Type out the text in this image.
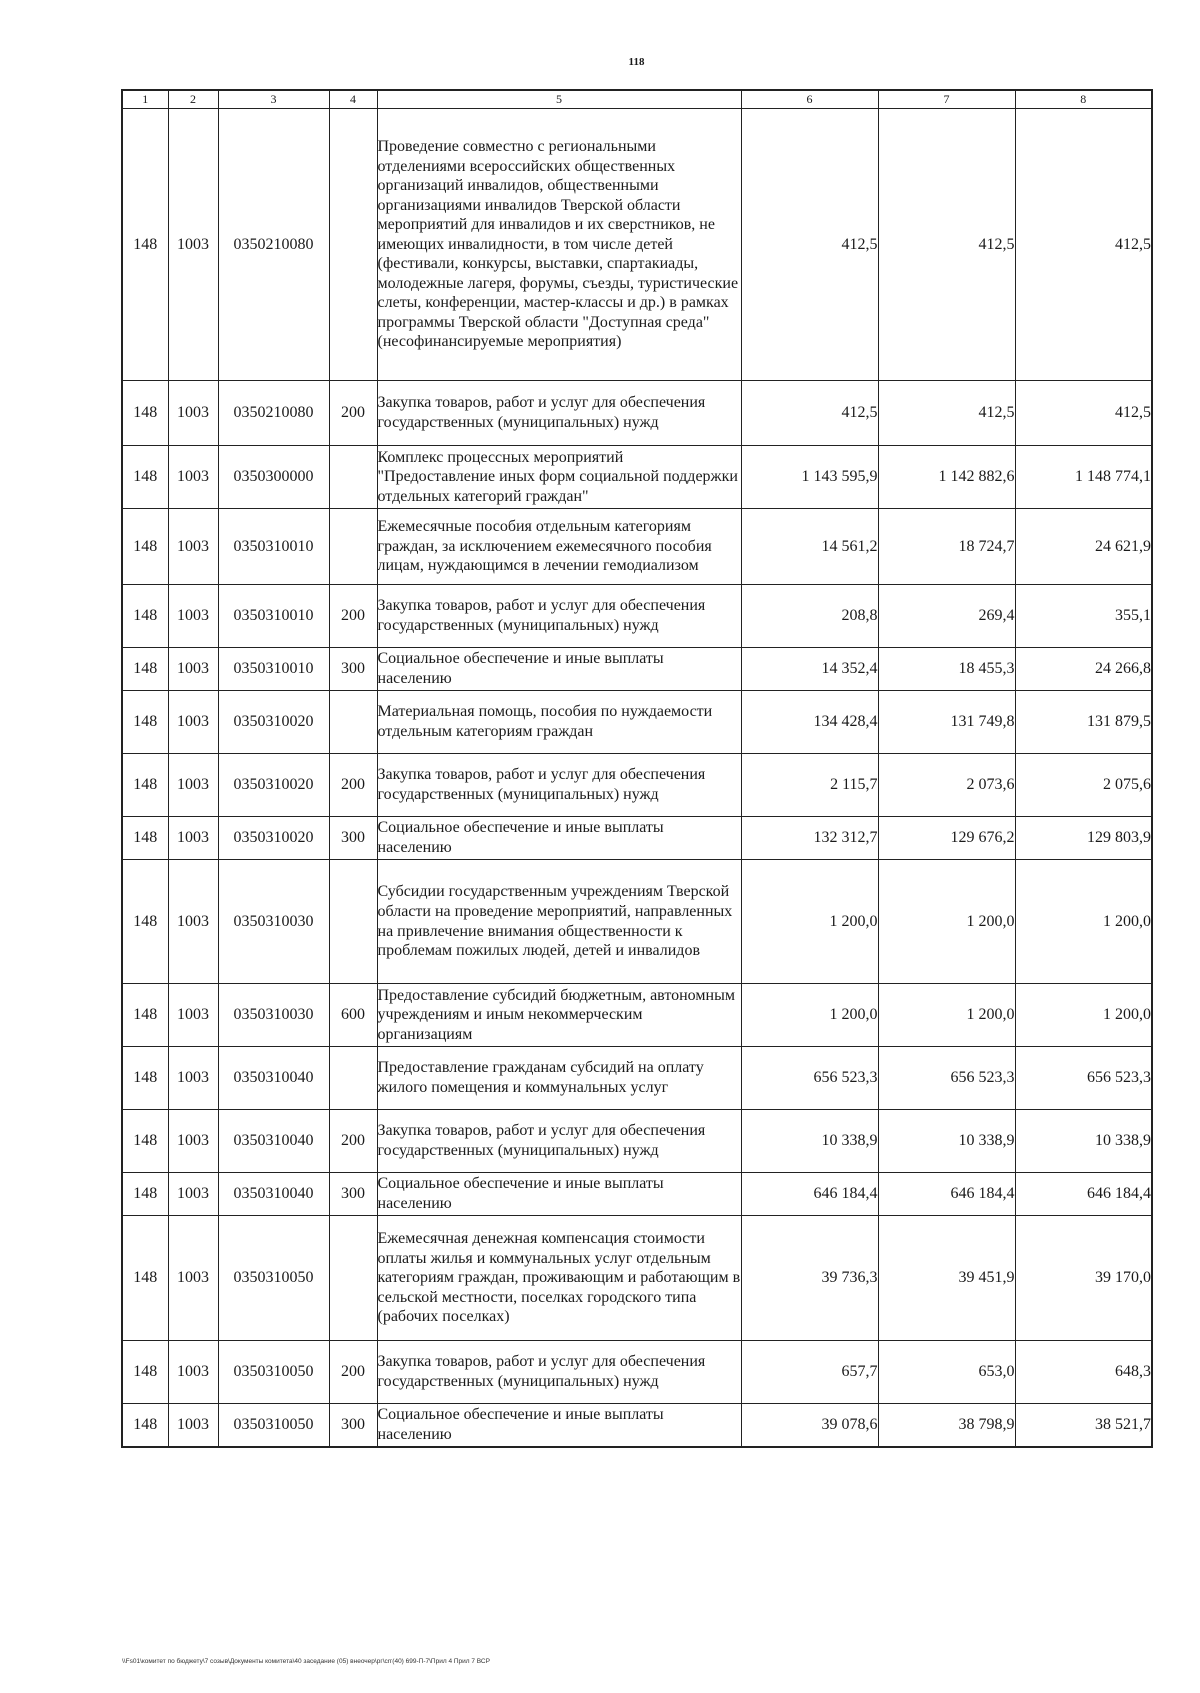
118
1	2	3	4	5	6	7	8
148	1003	0350210080		Проведение совместно с региональными отделениями всероссийских общественных организаций инвалидов, общественными организациями инвалидов Тверской области мероприятий для инвалидов и их сверстников, не имеющих инвалидности, в том числе детей (фестивали, конкурсы, выставки, спартакиады, молодежные лагеря, форумы, съезды, туристические слеты, конференции, мастер-классы и др.) в рамках программы Тверской области "Доступная среда" (несофинансируемые мероприятия)	412,5	412,5	412,5
148	1003	0350210080	200	Закупка товаров, работ и услуг для обеспечения государственных (муниципальных) нужд	412,5	412,5	412,5
148	1003	0350300000		Комплекс процессных мероприятий "Предоставление иных форм социальной поддержки отдельных категорий граждан"	1 143 595,9	1 142 882,6	1 148 774,1
148	1003	0350310010		Ежемесячные пособия отдельным категориям граждан, за исключением ежемесячного пособия лицам, нуждающимся в лечении гемодиализом	14 561,2	18 724,7	24 621,9
148	1003	0350310010	200	Закупка товаров, работ и услуг для обеспечения государственных (муниципальных) нужд	208,8	269,4	355,1
148	1003	0350310010	300	Социальное обеспечение и иные выплаты населению	14 352,4	18 455,3	24 266,8
148	1003	0350310020		Материальная помощь, пособия по нуждаемости отдельным категориям граждан	134 428,4	131 749,8	131 879,5
148	1003	0350310020	200	Закупка товаров, работ и услуг для обеспечения государственных (муниципальных) нужд	2 115,7	2 073,6	2 075,6
148	1003	0350310020	300	Социальное обеспечение и иные выплаты населению	132 312,7	129 676,2	129 803,9
148	1003	0350310030		Субсидии государственным учреждениям Тверской области на проведение мероприятий, направленных на привлечение внимания общественности к проблемам пожилых людей, детей и инвалидов	1 200,0	1 200,0	1 200,0
148	1003	0350310030	600	Предоставление субсидий бюджетным, автономным учреждениям и иным некоммерческим организациям	1 200,0	1 200,0	1 200,0
148	1003	0350310040		Предоставление гражданам субсидий на оплату жилого помещения и коммунальных услуг	656 523,3	656 523,3	656 523,3
148	1003	0350310040	200	Закупка товаров, работ и услуг для обеспечения государственных (муниципальных) нужд	10 338,9	10 338,9	10 338,9
148	1003	0350310040	300	Социальное обеспечение и иные выплаты населению	646 184,4	646 184,4	646 184,4
148	1003	0350310050		Ежемесячная денежная компенсация стоимости оплаты жилья и коммунальных услуг отдельным категориям граждан, проживающим и работающим в сельской местности, поселках городского типа (рабочих поселках)	39 736,3	39 451,9	39 170,0
148	1003	0350310050	200	Закупка товаров, работ и услуг для обеспечения государственных (муниципальных) нужд	657,7	653,0	648,3
148	1003	0350310050	300	Социальное обеспечение и иные выплаты населению	39 078,6	38 798,9	38 521,7
\\Fs01\комитет по бюджету\7 созыв\Документы комитета\40 заседание (05) внеочер\рг\сrг(40) 699-П-7\Прил 4 Прил 7 ВСР
